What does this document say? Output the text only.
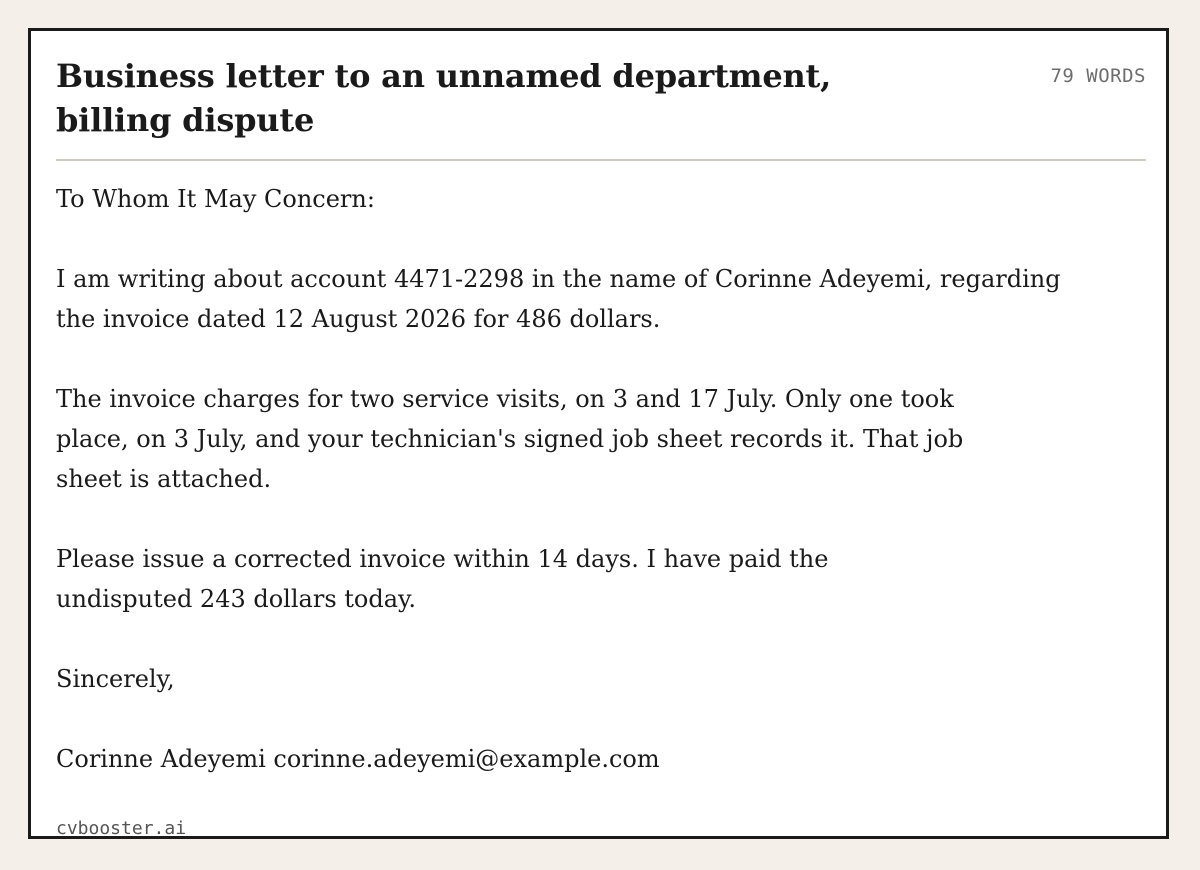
Business letter to an unnamed department, billing dispute
79 WORDS

To Whom It May Concern:

I am writing about account 4471-2298 in the name of Corinne Adeyemi, regarding the invoice dated 12 August 2026 for 486 dollars.

The invoice charges for two service visits, on 3 and 17 July. Only one took place, on 3 July, and your technician's signed job sheet records it. That job sheet is attached.

Please issue a corrected invoice within 14 days. I have paid the undisputed 243 dollars today.

Sincerely,

Corinne Adeyemi corinne.adeyemi@example.com

cvbooster.ai
